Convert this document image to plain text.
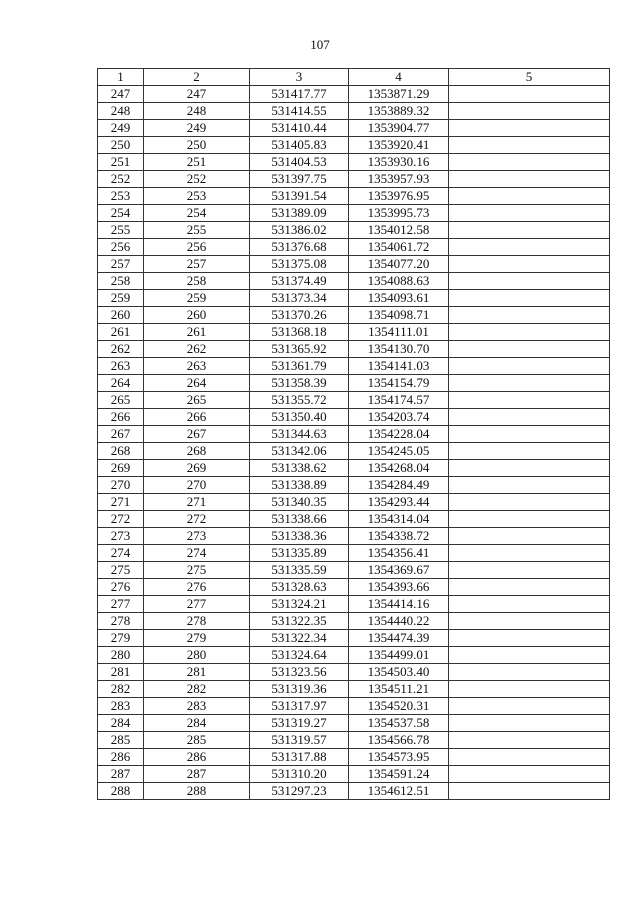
107
1	2	3	4	5
247	247	531417.77	1353871.29	
248	248	531414.55	1353889.32	
249	249	531410.44	1353904.77	
250	250	531405.83	1353920.41	
251	251	531404.53	1353930.16	
252	252	531397.75	1353957.93	
253	253	531391.54	1353976.95	
254	254	531389.09	1353995.73	
255	255	531386.02	1354012.58	
256	256	531376.68	1354061.72	
257	257	531375.08	1354077.20	
258	258	531374.49	1354088.63	
259	259	531373.34	1354093.61	
260	260	531370.26	1354098.71	
261	261	531368.18	1354111.01	
262	262	531365.92	1354130.70	
263	263	531361.79	1354141.03	
264	264	531358.39	1354154.79	
265	265	531355.72	1354174.57	
266	266	531350.40	1354203.74	
267	267	531344.63	1354228.04	
268	268	531342.06	1354245.05	
269	269	531338.62	1354268.04	
270	270	531338.89	1354284.49	
271	271	531340.35	1354293.44	
272	272	531338.66	1354314.04	
273	273	531338.36	1354338.72	
274	274	531335.89	1354356.41	
275	275	531335.59	1354369.67	
276	276	531328.63	1354393.66	
277	277	531324.21	1354414.16	
278	278	531322.35	1354440.22	
279	279	531322.34	1354474.39	
280	280	531324.64	1354499.01	
281	281	531323.56	1354503.40	
282	282	531319.36	1354511.21	
283	283	531317.97	1354520.31	
284	284	531319.27	1354537.58	
285	285	531319.57	1354566.78	
286	286	531317.88	1354573.95	
287	287	531310.20	1354591.24	
288	288	531297.23	1354612.51	
